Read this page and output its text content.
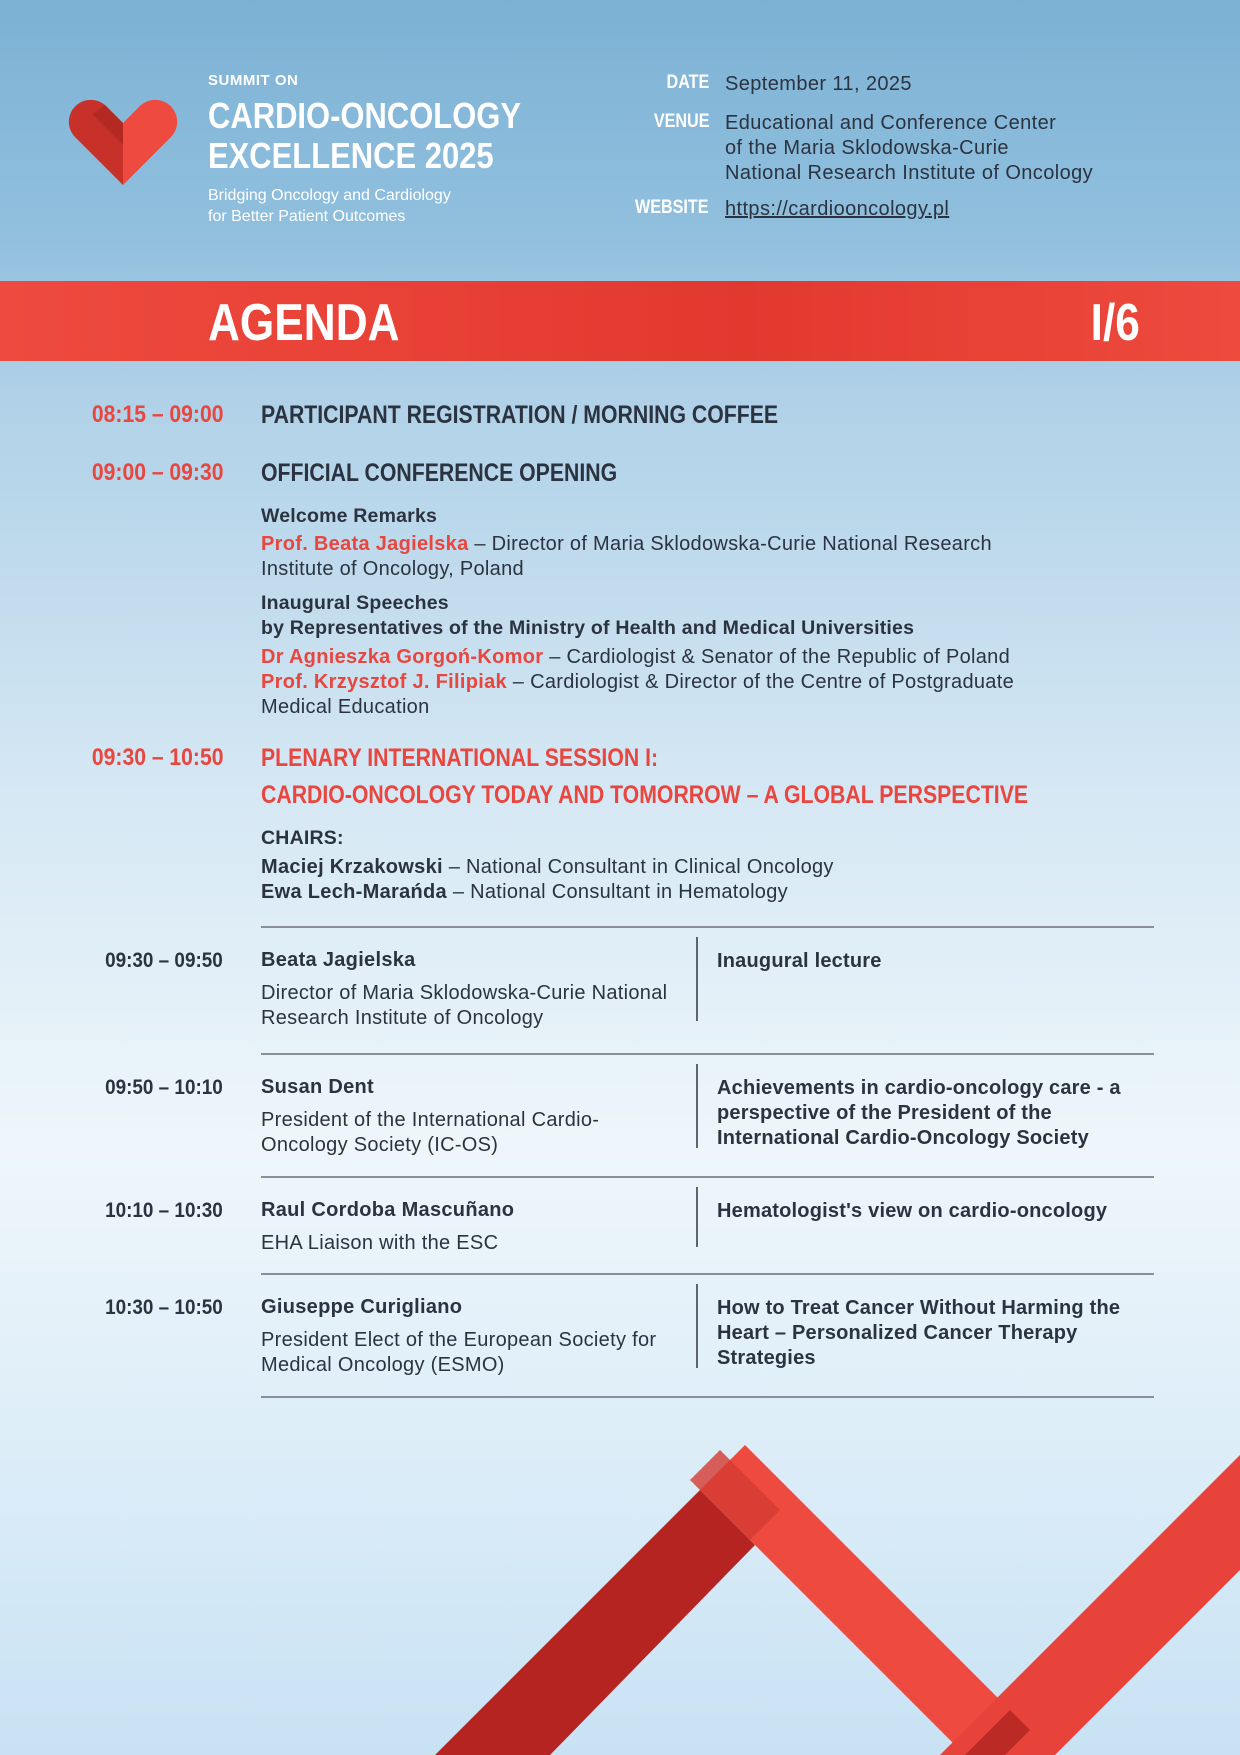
SUMMIT ON
CARDIO-ONCOLOGY
EXCELLENCE 2025
Bridging Oncology and Cardiology
for Better Patient Outcomes
DATE September 11, 2025
VENUE Educational and Conference Center
of the Maria Sklodowska-Curie
National Research Institute of Oncology
WEBSITE https://cardiooncology.pl
AGENDA	I/6
08:15 – 09:00 PARTICIPANT REGISTRATION / MORNING COFFEE
09:00 – 09:30 OFFICIAL CONFERENCE OPENING
Welcome Remarks
Prof. Beata Jagielska – Director of Maria Sklodowska-Curie National Research
Institute of Oncology, Poland
Inaugural Speeches
by Representatives of the Ministry of Health and Medical Universities
Dr Agnieszka Gorgoń-Komor – Cardiologist & Senator of the Republic of Poland
Prof. Krzysztof J. Filipiak – Cardiologist & Director of the Centre of Postgraduate
Medical Education
09:30 – 10:50 PLENARY INTERNATIONAL SESSION I:
CARDIO-ONCOLOGY TODAY AND TOMORROW – A GLOBAL PERSPECTIVE
CHAIRS:
Maciej Krzakowski – National Consultant in Clinical Oncology
Ewa Lech-Marańda – National Consultant in Hematology
09:30 – 09:50 Beata Jagielska
Director of Maria Sklodowska-Curie National Research Institute of Oncology
Inaugural lecture
09:50 – 10:10 Susan Dent
President of the International Cardio-Oncology Society (IC-OS)
Achievements in cardio-oncology care - a perspective of the President of the International Cardio-Oncology Society
10:10 – 10:30 Raul Cordoba Mascuñano
EHA Liaison with the ESC
Hematologist's view on cardio-oncology
10:30 – 10:50 Giuseppe Curigliano
President Elect of the European Society for Medical Oncology (ESMO)
How to Treat Cancer Without Harming the Heart – Personalized Cancer Therapy Strategies
